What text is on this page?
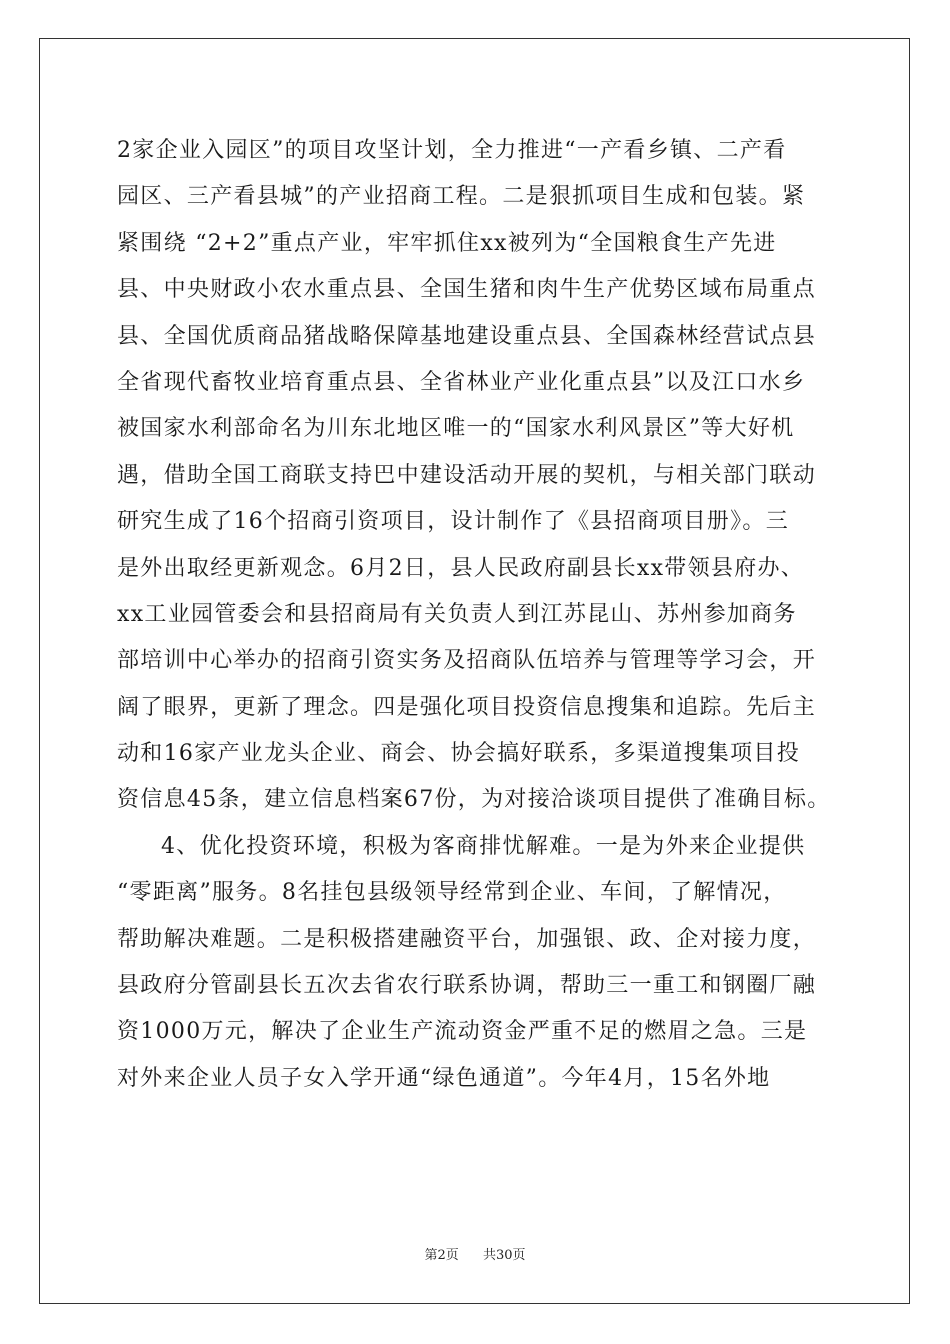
2家企业入园区”的项目攻坚计划，全力推进“一产看乡镇、二产看
园区、三产看县城”的产业招商工程。二是狠抓项目生成和包装。紧
紧围绕 “2+2”重点产业，牢牢抓住xx被列为“全国粮食生产先进
县、中央财政小农水重点县、全国生猪和肉牛生产优势区域布局重点
县、全国优质商品猪战略保障基地建设重点县、全国森林经营试点县
全省现代畜牧业培育重点县、全省林业产业化重点县”以及江口水乡
被国家水利部命名为川东北地区唯一的“国家水利风景区”等大好机
遇，借助全国工商联支持巴中建设活动开展的契机，与相关部门联动
研究生成了16个招商引资项目，设计制作了《县招商项目册》。三
是外出取经更新观念。6月2日，县人民政府副县长xx带领县府办、
xx工业园管委会和县招商局有关负责人到江苏昆山、苏州参加商务
部培训中心举办的招商引资实务及招商队伍培养与管理等学习会，开
阔了眼界，更新了理念。四是强化项目投资信息搜集和追踪。先后主
动和16家产业龙头企业、商会、协会搞好联系，多渠道搜集项目投
资信息45条，建立信息档案67份，为对接洽谈项目提供了准确目标。
4、优化投资环境，积极为客商排忧解难。一是为外来企业提供
“零距离”服务。8名挂包县级领导经常到企业、车间，了解情况，
帮助解决难题。二是积极搭建融资平台，加强银、政、企对接力度，
县政府分管副县长五次去省农行联系协调，帮助三一重工和钢圈厂融
资1000万元，解决了企业生产流动资金严重不足的燃眉之急。三是
对外来企业人员子女入学开通“绿色通道”。今年4月，15名外地
第2页 共30页
